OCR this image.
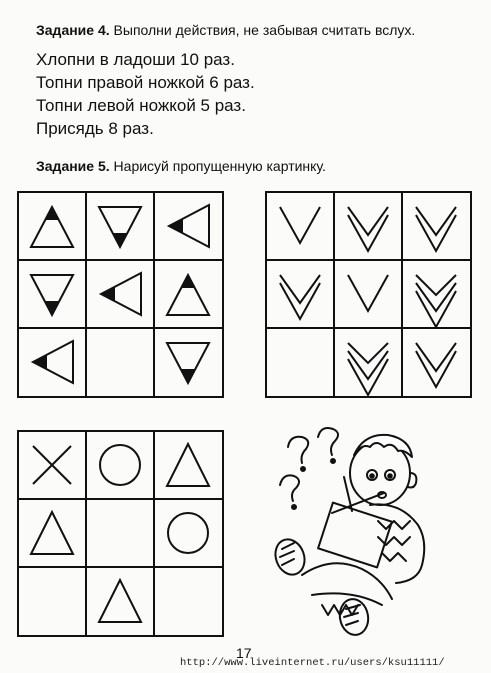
Задание 4. Выполни действия, не забывая считать вслух.
Хлопни в ладоши 10 раз.
Топни правой ножкой 6 раз.
Топни левой ножкой 5 раз.
Присядь 8 раз.
Задание 5. Нарисуй пропущенную картинку.
17
http://www.liveinternet.ru/users/ksu11111/
